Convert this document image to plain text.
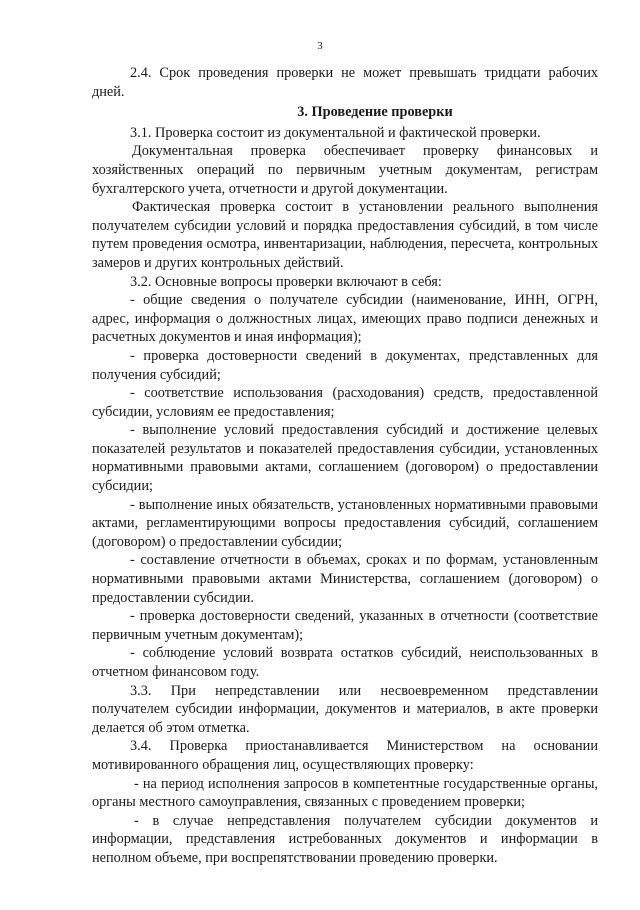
3

2.4. Срок проведения проверки не может превышать тридцати рабочих дней.

3. Проведение проверки

3.1. Проверка состоит из документальной и фактической проверки.

Документальная проверка обеспечивает проверку финансовых и хозяйственных операций по первичным учетным документам, регистрам бухгалтерского учета, отчетности и другой документации.

Фактическая проверка состоит в установлении реального выполнения получателем субсидии условий и порядка предоставления субсидий, в том числе путем проведения осмотра, инвентаризации, наблюдения, пересчета, контрольных замеров и других контрольных действий.

3.2. Основные вопросы проверки включают в себя:

- общие сведения о получателе субсидии (наименование, ИНН, ОГРН, адрес, информация о должностных лицах, имеющих право подписи денежных и расчетных документов и иная информация);

- проверка достоверности сведений в документах, представленных для получения субсидий;

- соответствие использования (расходования) средств, предоставленной субсидии, условиям ее предоставления;

- выполнение условий предоставления субсидий и достижение целевых показателей результатов и показателей предоставления субсидии, установленных нормативными правовыми актами, соглашением (договором) о предоставлении субсидии;

- выполнение иных обязательств, установленных нормативными правовыми актами, регламентирующими вопросы предоставления субсидий, соглашением (договором) о предоставлении субсидии;

- составление отчетности в объемах, сроках и по формам, установленным нормативными правовыми актами Министерства, соглашением (договором) о предоставлении субсидии.

- проверка достоверности сведений, указанных в отчетности (соответствие первичным учетным документам);

- соблюдение условий возврата остатков субсидий, неиспользованных в отчетном финансовом году.

3.3. При непредставлении или несвоевременном представлении получателем субсидии информации, документов и материалов, в акте проверки делается об этом отметка.

3.4. Проверка приостанавливается Министерством на основании мотивированного обращения лиц, осуществляющих проверку:

- на период исполнения запросов в компетентные государственные органы, органы местного самоуправления, связанных с проведением проверки;

- в случае непредставления получателем субсидии документов и информации, представления истребованных документов и информации в неполном объеме, при воспрепятствовании проведению проверки.
